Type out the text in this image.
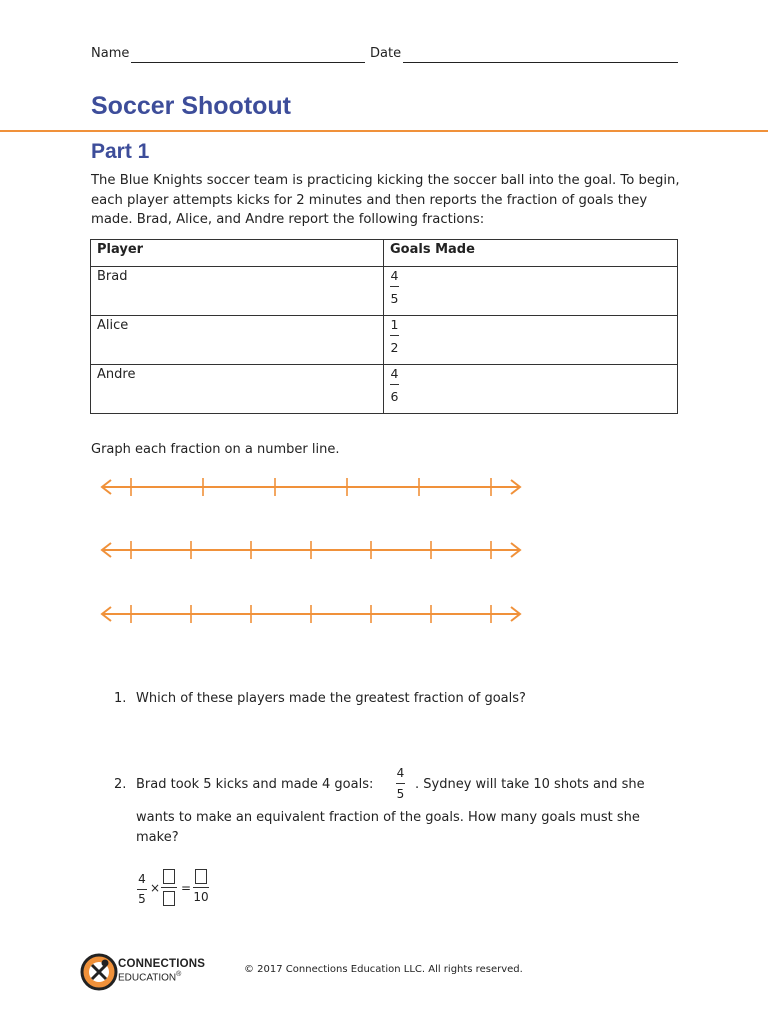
Name	Date
Soccer Shootout
Part 1
The Blue Knights soccer team is practicing kicking the soccer ball into the goal. To begin, each player attempts kicks for 2 minutes and then reports the fraction of goals they made. Brad, Alice, and Andre report the following fractions:
Player	Goals Made
Brad	$\frac{4}{5}$

Alice	$\frac{1}{2}$

Andre	$\frac{4}{6}$
Graph each fraction on a number line.
1. Which of these players made the greatest fraction of goals?
2. Brad took 5 kicks and made 4 goals:
4
5
. Sydney will take 10 shots and she
wants to make an equivalent fraction of the goals. How many goals must she
make?
4
5
× =
10
CONNECTIONS
EDUCATION®	© 2017 Connections Education LLC. All rights reserved.
